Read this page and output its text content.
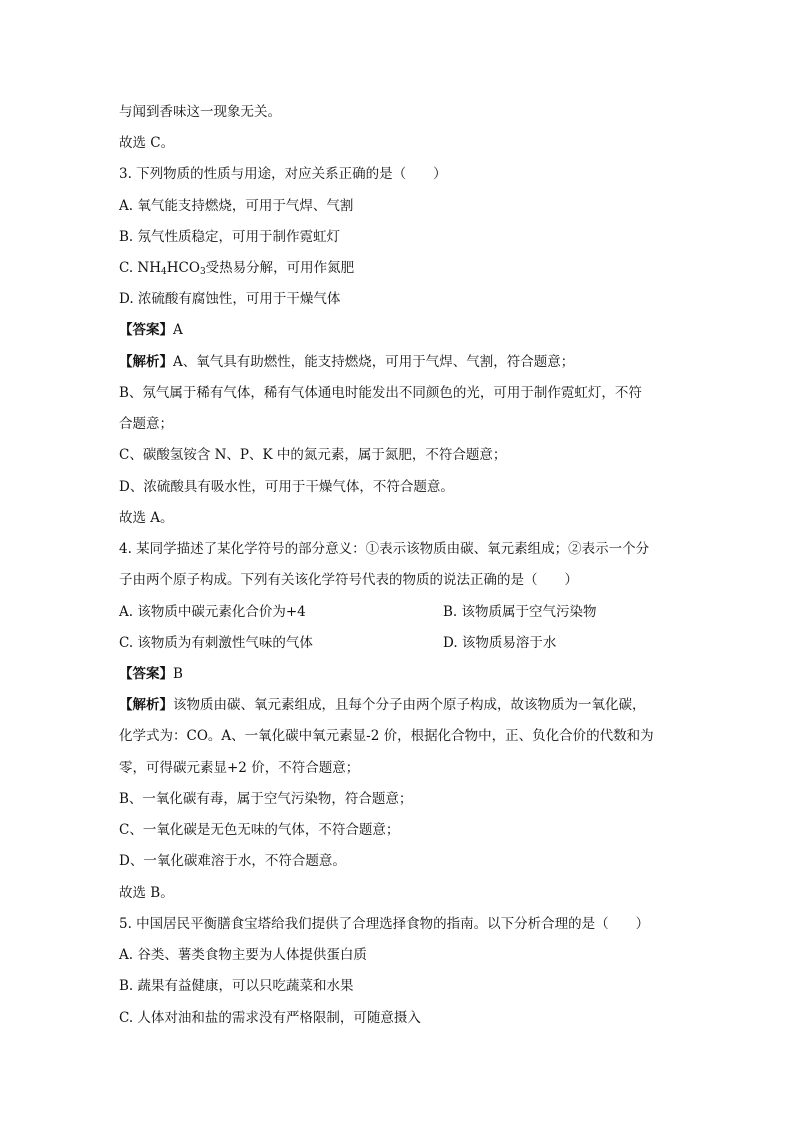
与闻到香味这一现象无关。
故选 C。
3. 下列物质的性质与用途，对应关系正确的是（　　）
A. 氧气能支持燃烧，可用于气焊、气割
B. 氖气性质稳定，可用于制作霓虹灯
C. $NH_4HCO_3$受热易分解，可用作氮肥
D. 浓硫酸有腐蚀性，可用于干燥气体
【答案】A
【解析】A、氧气具有助燃性，能支持燃烧，可用于气焊、气割，符合题意；
B、氖气属于稀有气体，稀有气体通电时能发出不同颜色的光，可用于制作霓虹灯，不符
合题意；
C、碳酸氢铵含 N、P、K 中的氮元素，属于氮肥，不符合题意；
D、浓硫酸具有吸水性，可用于干燥气体，不符合题意。
故选 A。
4. 某同学描述了某化学符号的部分意义：①表示该物质由碳、氧元素组成；②表示一个分
子由两个原子构成。下列有关该化学符号代表的物质的说法正确的是（　　）
A. 该物质中碳元素化合价为+4	B. 该物质属于空气污染物
C. 该物质为有刺激性气味的气体	D. 该物质易溶于水
【答案】B
【解析】该物质由碳、氧元素组成，且每个分子由两个原子构成，故该物质为一氧化碳，
化学式为：CO。A、一氧化碳中氧元素显-2 价，根据化合物中，正、负化合价的代数和为
零，可得碳元素显+2 价，不符合题意；
B、一氧化碳有毒，属于空气污染物，符合题意；
C、一氧化碳是无色无味的气体，不符合题意；
D、一氧化碳难溶于水，不符合题意。
故选 B。
5. 中国居民平衡膳食宝塔给我们提供了合理选择食物的指南。以下分析合理的是（　　）
A. 谷类、薯类食物主要为人体提供蛋白质
B. 蔬果有益健康，可以只吃蔬菜和水果
C. 人体对油和盐的需求没有严格限制，可随意摄入
